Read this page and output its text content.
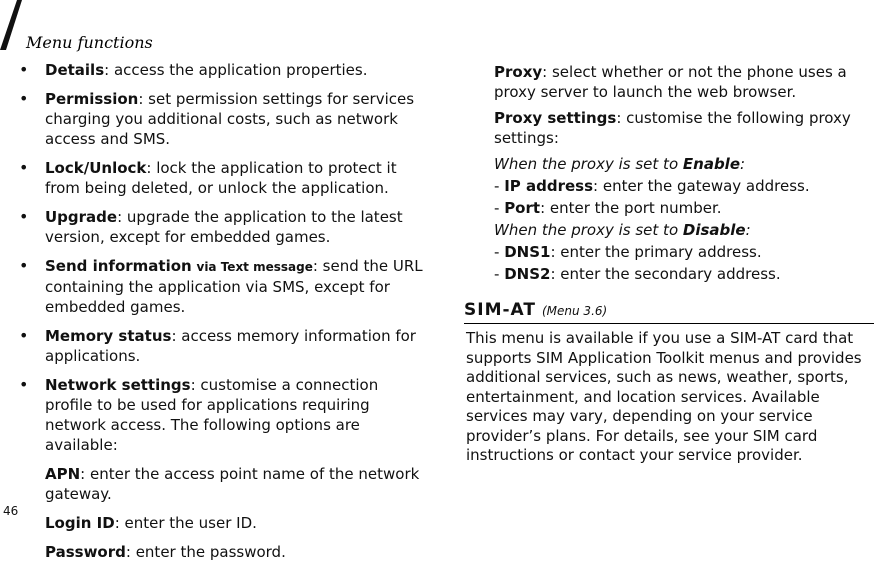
Menu functions
• Details: access the application properties.
• Permission: set permission settings for services charging you additional costs, such as network access and SMS.
• Lock/Unlock: lock the application to protect it from being deleted, or unlock the application.
• Upgrade: upgrade the application to the latest version, except for embedded games.
• Send information via Text message: send the URL containing the application via SMS, except for embedded games.
• Memory status: access memory information for applications.
• Network settings: customise a connection profile to be used for applications requiring network access. The following options are available:
APN: enter the access point name of the network gateway.
Login ID: enter the user ID.
Password: enter the password.
Proxy: select whether or not the phone uses a proxy server to launch the web browser.
Proxy settings: customise the following proxy settings:
When the proxy is set to Enable:
- IP address: enter the gateway address.
- Port: enter the port number.
When the proxy is set to Disable:
- DNS1: enter the primary address.
- DNS2: enter the secondary address.
SIM-AT (Menu 3.6)
This menu is available if you use a SIM-AT card that supports SIM Application Toolkit menus and provides additional services, such as news, weather, sports, entertainment, and location services. Available services may vary, depending on your service provider’s plans. For details, see your SIM card instructions or contact your service provider.
46
